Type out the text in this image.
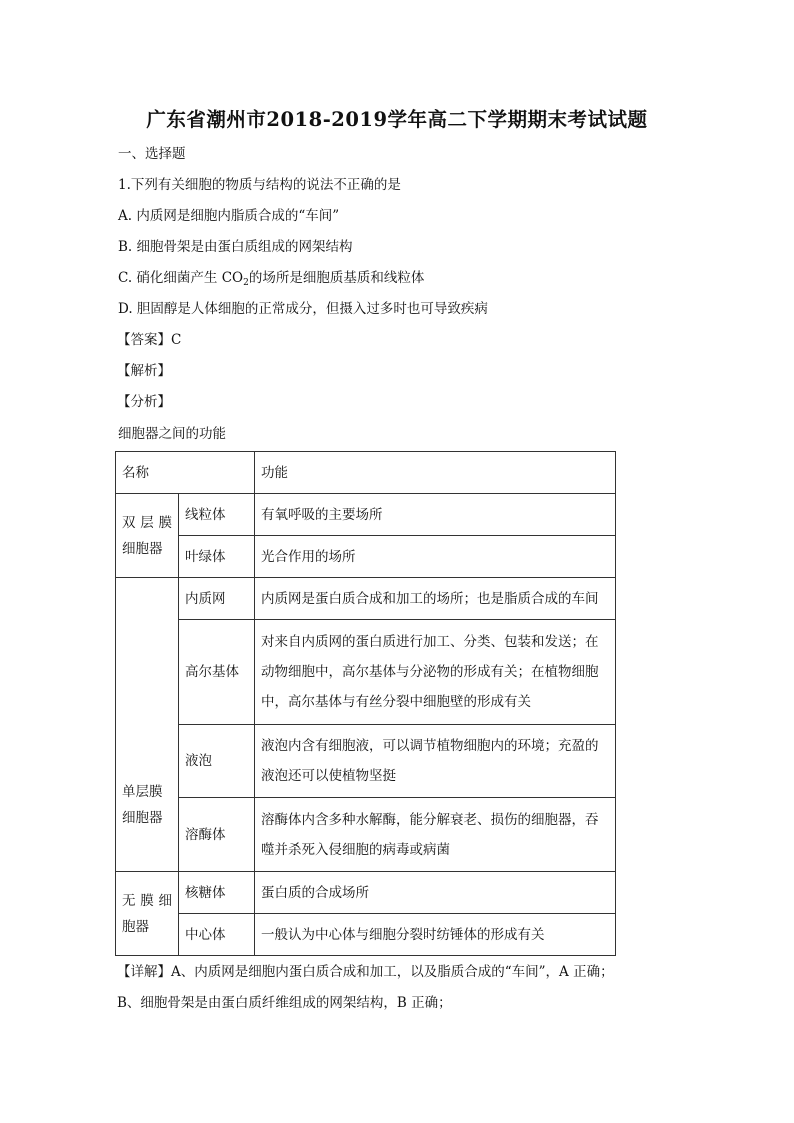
广东省潮州市2018-2019学年高二下学期期末考试试题
一、选择题
1.下列有关细胞的物质与结构的说法不正确的是
A. 内质网是细胞内脂质合成的“车间”
B. 细胞骨架是由蛋白质组成的网架结构
C. 硝化细菌产生 $CO_2$的场所是细胞质基质和线粒体
D. 胆固醇是人体细胞的正常成分，但摄入过多时也可导致疾病
【答案】C
【解析】
【分析】
细胞器之间的功能
名称		功能

双层膜
细胞器	线粒体	有氧呼吸的主要场所
	叶绿体	光合作用的场所

单层膜
细胞器	内质网	内质网是蛋白质合成和加工的场所；也是脂质合成的车间
	高尔基体	对来自内质网的蛋白质进行加工、分类、包装和发送；在
动物细胞中，高尔基体与分泌物的形成有关；在植物细胞
中，高尔基体与有丝分裂中细胞壁的形成有关

	液泡	液泡内含有细胞液，可以调节植物细胞内的环境；充盈的
液泡还可以使植物坚挺

	溶酶体	溶酶体内含多种水解酶，能分解衰老、损伤的细胞器，吞
噬并杀死入侵细胞的病毒或病菌

无膜细
胞器	核糖体	蛋白质的合成场所
	中心体	一般认为中心体与细胞分裂时纺锤体的形成有关
【详解】A、内质网是细胞内蛋白质合成和加工，以及脂质合成的“车间”，A 正确；
B、细胞骨架是由蛋白质纤维组成的网架结构，B 正确；
